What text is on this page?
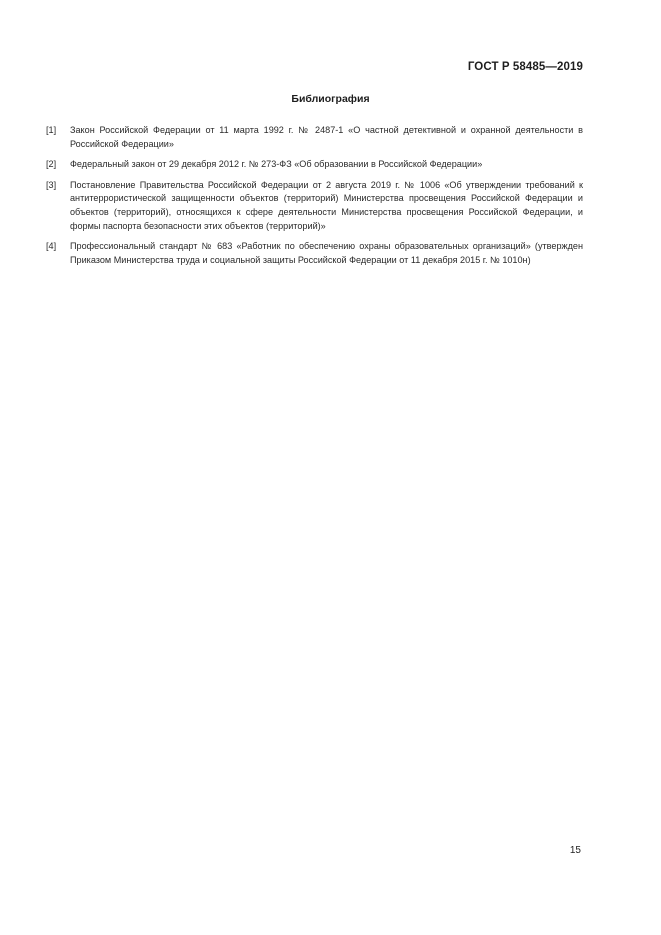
ГОСТ Р 58485—2019
Библиография
[1]	Закон Российской Федерации от 11 марта 1992 г. № 2487-1 «О частной детективной и охранной деятельности в Российской Федерации»
[2]	Федеральный закон от 29 декабря 2012 г. № 273-ФЗ «Об образовании в Российской Федерации»
[3]	Постановление Правительства Российской Федерации от 2 августа 2019 г. № 1006 «Об утверждении требований к антитеррористической защищенности объектов (территорий) Министерства просвещения Российской Федерации и объектов (территорий), относящихся к сфере деятельности Министерства просвещения Российской Федерации, и формы паспорта безопасности этих объектов (территорий)»
[4]	Профессиональный стандарт № 683 «Работник по обеспечению охраны образовательных организаций» (утвержден Приказом Министерства труда и социальной защиты Российской Федерации от 11 декабря 2015 г. № 1010н)
15
